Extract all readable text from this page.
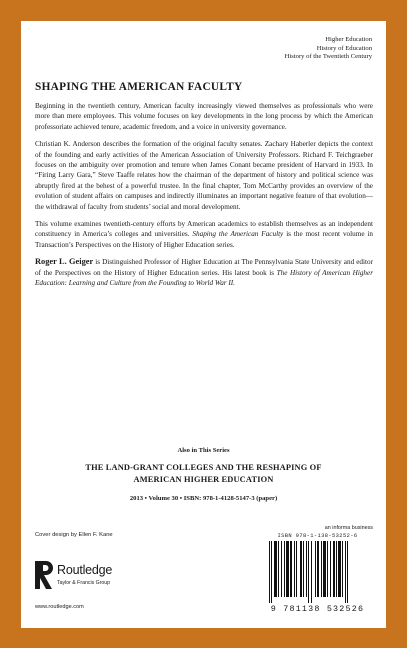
Higher Education
History of Education
History of the Twentieth Century
SHAPING THE AMERICAN FACULTY

Beginning in the twentieth century, American faculty increasingly viewed themselves as professionals who were more than mere employees. This volume focuses on key developments in the long process by which the American professoriate achieved tenure, academic freedom, and a voice in university governance.

Christian K. Anderson describes the formation of the original faculty senates. Zachary Haberler depicts the context of the founding and early activities of the American Association of University Professors. Richard F. Teichgraeber focuses on the ambiguity over promotion and tenure when James Conant became president of Harvard in 1933. In “Firing Larry Gara,” Steve Taaffe relates how the chairman of the department of history and political science was abruptly fired at the behest of a powerful trustee. In the final chapter, Tom McCarthy provides an overview of the evolution of student affairs on campuses and indirectly illuminates an important negative feature of that evolution—the withdrawal of faculty from students’ social and moral development.

This volume examines twentieth-century efforts by American academics to establish themselves as an independent constituency in America’s colleges and universities. Shaping the American Faculty is the most recent volume in Transaction’s Perspectives on the History of Higher Education series.

Roger L. Geiger is Distinguished Professor of Higher Education at The Pennsylvania State University and editor of the Perspectives on the History of Higher Education series. His latest book is The History of American Higher Education: Learning and Culture from the Founding to World War II.

Also in This Series
THE LAND-GRANT COLLEGES AND THE RESHAPING OF
AMERICAN HIGHER EDUCATION
2013 • Volume 30 • ISBN: 978-1-4128-5147-3 (paper)
Cover design by Ellen F. Kane
Routledge
Taylor & Francis Group
www.routledge.com
an informa business
ISBN 978-1-138-53252-6
9 781138 532526
